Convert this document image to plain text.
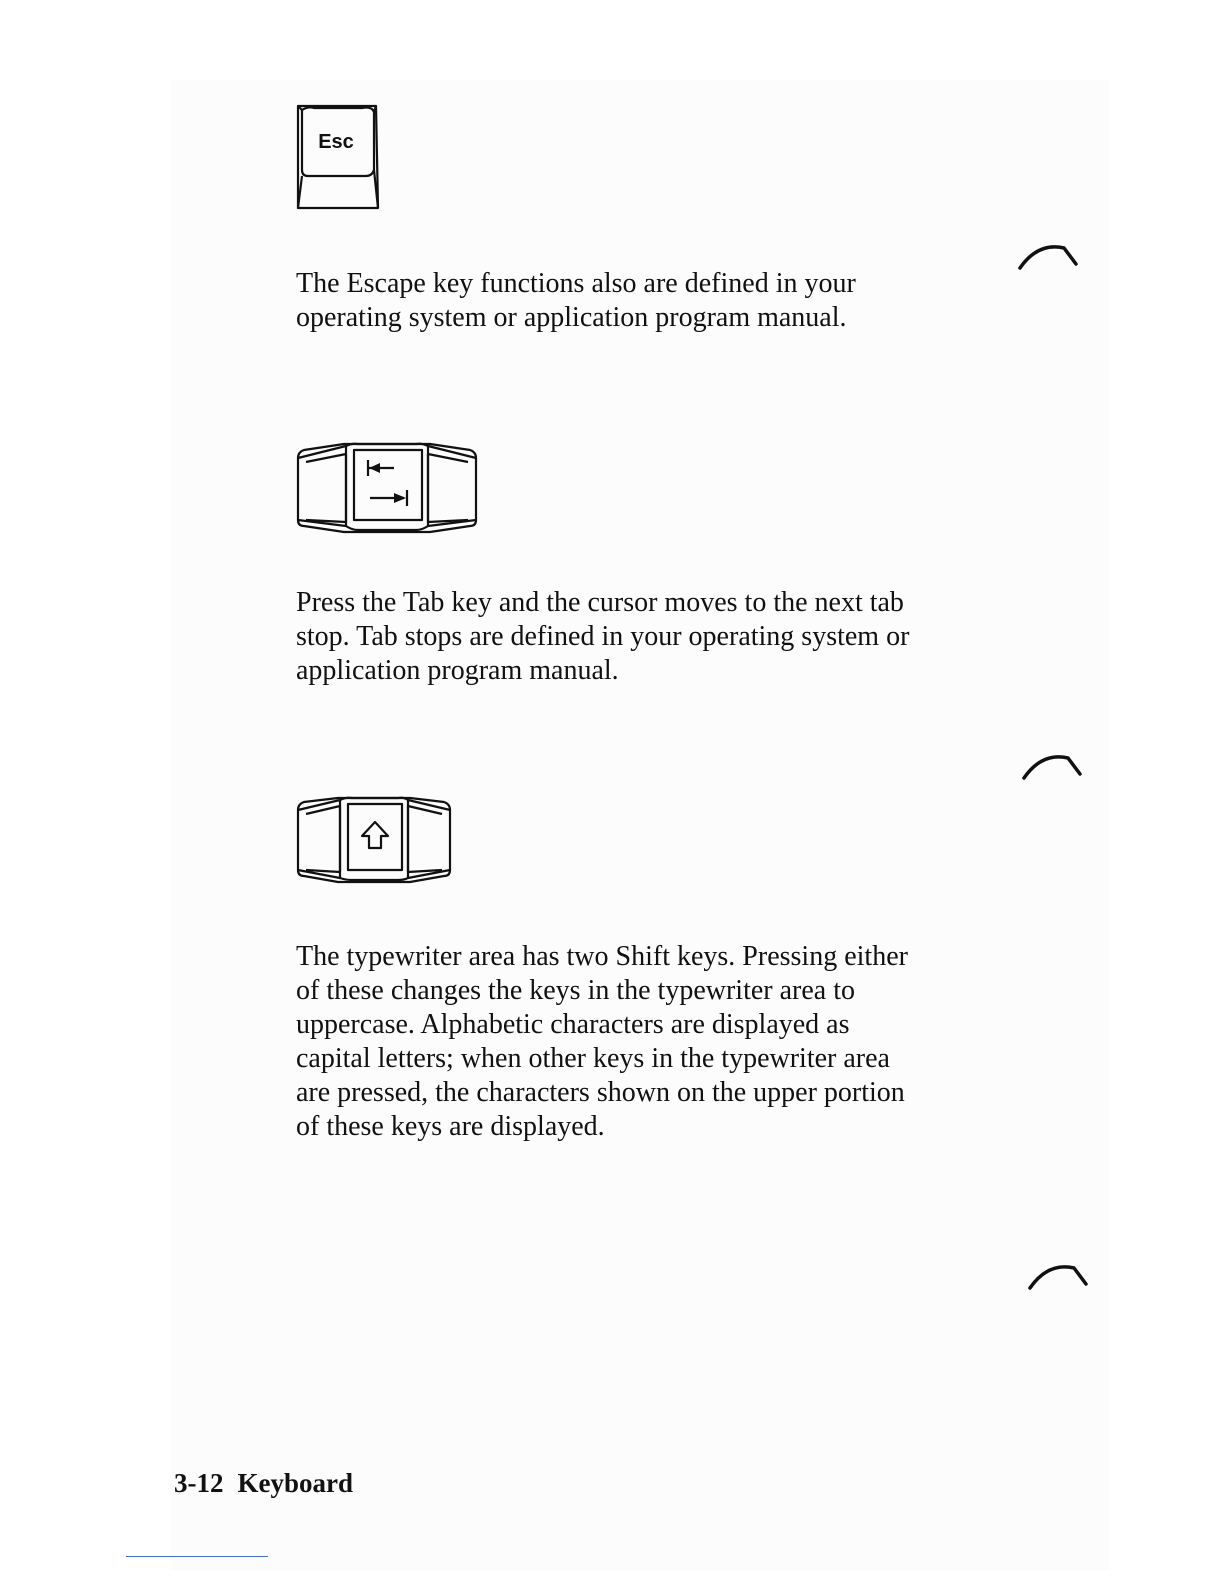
Esc

The Escape key functions also are defined in your
operating system or application program manual.

Press the Tab key and the cursor moves to the next tab
stop. Tab stops are defined in your operating system or
application program manual.

The typewriter area has two Shift keys. Pressing either
of these changes the keys in the typewriter area to
uppercase. Alphabetic characters are displayed as
capital letters; when other keys in the typewriter area
are pressed, the characters shown on the upper portion
of these keys are displayed.

3-12 Keyboard
